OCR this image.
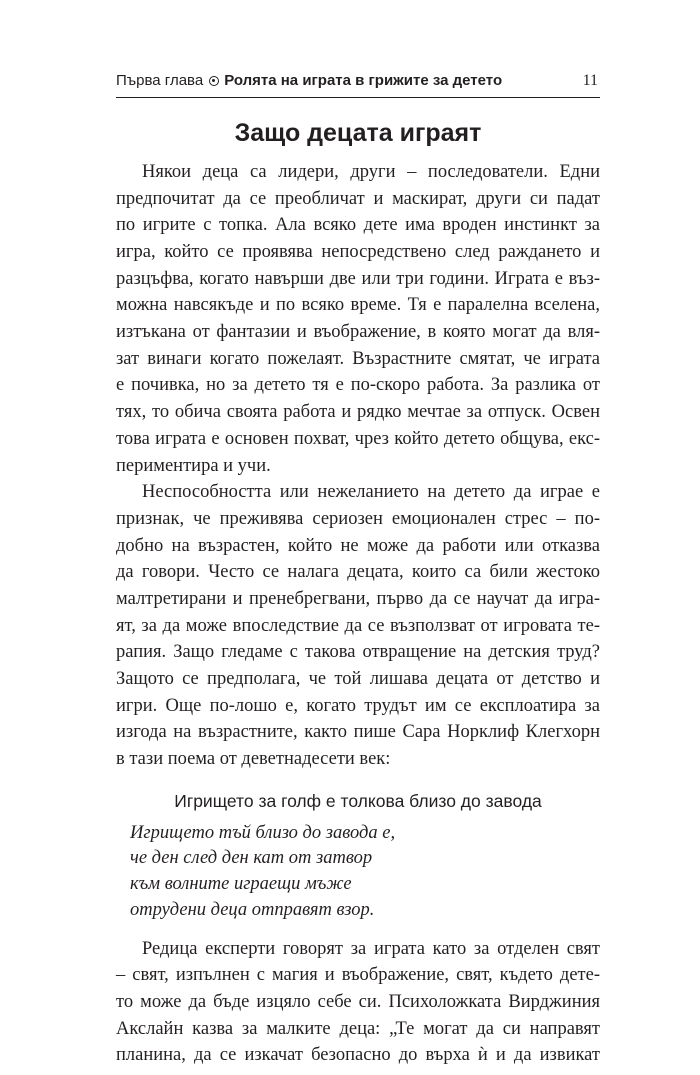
Първа глава Ролята на играта в грижите за детето	11
Защо децата играят
Някои деца са лидери, други – последователи. Едни
предпочитат да се преобличат и маскират, други си падат
по игрите с топка. Ала всяко дете има вроден инстинкт за
игра, който се проявява непосредствено след раждането и
разцъфва, когато навърши две или три години. Играта е въз-
можна навсякъде и по всяко време. Тя е паралелна вселена,
изтъкана от фантазии и въображение, в която могат да вля-
зат винаги когато пожелаят. Възрастните смятат, че играта
е почивка, но за детето тя е по-скоро работа. За разлика от
тях, то обича своята работа и рядко мечтае за отпуск. Освен
това играта е основен похват, чрез който детето общува, екс-
периментира и учи.
Неспособността или нежеланието на детето да играе е
признак, че преживява сериозен емоционален стрес – по-
добно на възрастен, който не може да работи или отказва
да говори. Често се налага децата, които са били жестоко
малтретирани и пренебрегвани, първо да се научат да игра-
ят, за да може впоследствие да се възползват от игровата те-
рапия. Защо гледаме с такова отвращение на детския труд?
Защото се предполага, че той лишава децата от детство и
игри. Още по-лошо е, когато трудът им се експлоатира за
изгода на възрастните, както пише Сара Норклиф Клегхорн
в тази поема от деветнадесети век:
Игрището за голф е толкова близо до завода
Игрището тъй близо до завода е,
че ден след ден кат от затвор
към волните играещи мъже
отрудени деца отправят взор.
Редица експерти говорят за играта като за отделен свят
– свят, изпълнен с магия и въображение, свят, където дете-
то може да бъде изцяло себе си. Психоложката Вирджиния
Акслайн казва за малките деца: „Те могат да си направят
планина, да се изкачат безопасно до върха ѝ и да извикат
